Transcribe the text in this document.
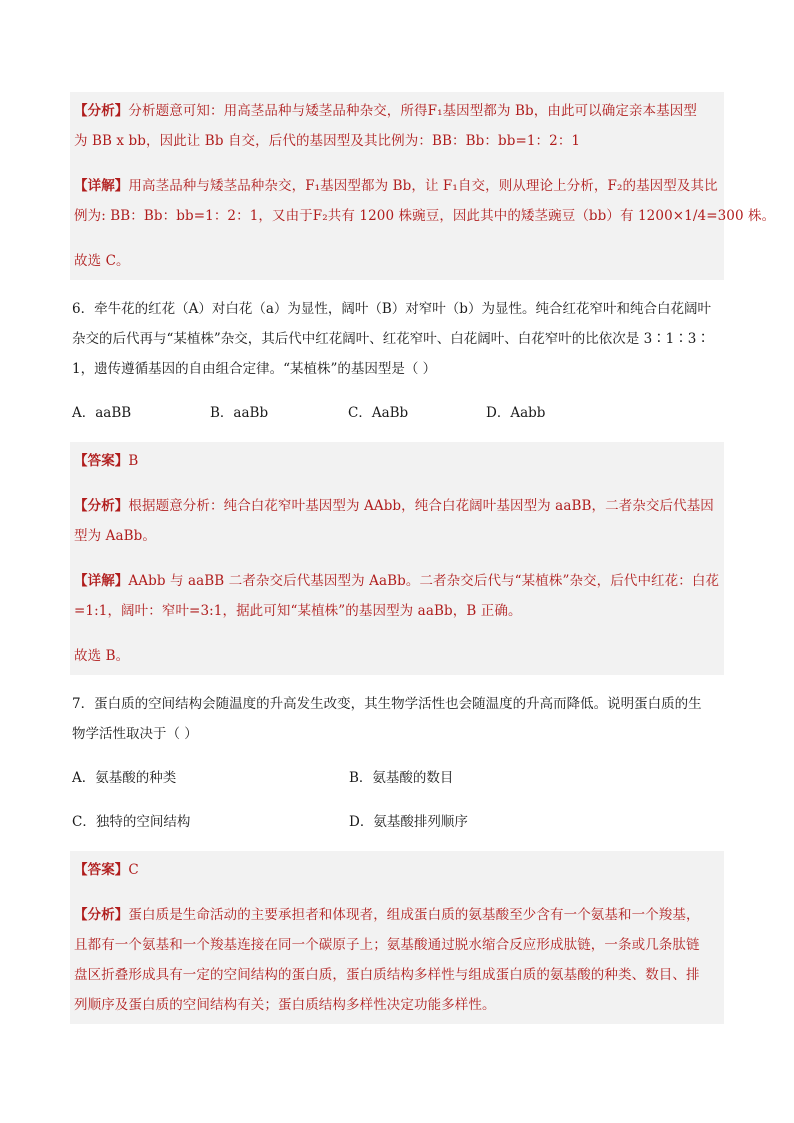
【分析】分析题意可知：用高茎品种与矮茎品种杂交，所得F₁基因型都为 Bb，由此可以确定亲本基因型
为 BB x bb，因此让 Bb 自交，后代的基因型及其比例为：BB：Bb：bb=1：2：1
【详解】用高茎品种与矮茎品种杂交，F₁基因型都为 Bb，让 F₁自交，则从理论上分析，F₂的基因型及其比
例为: BB：Bb：bb=1：2：1，又由于F₂共有 1200 株豌豆，因此其中的矮茎豌豆（bb）有 1200×1/4=300 株。
故选 C。
6．牵牛花的红花（A）对白花（a）为显性，阔叶（B）对窄叶（b）为显性。纯合红花窄叶和纯合白花阔叶
杂交的后代再与“某植株”杂交，其后代中红花阔叶、红花窄叶、白花阔叶、白花窄叶的比依次是 3∶1∶3∶
1，遗传遵循基因的自由组合定律。“某植株”的基因型是（ ）
A．aaBB	B．aaBb	C．AaBb	D．Aabb
【答案】B
【分析】根据题意分析：纯合白花窄叶基因型为 AAbb，纯合白花阔叶基因型为 aaBB，二者杂交后代基因
型为 AaBb。
【详解】AAbb 与 aaBB 二者杂交后代基因型为 AaBb。二者杂交后代与“某植株”杂交，后代中红花：白花
=1:1，阔叶：窄叶=3:1，据此可知“某植株”的基因型为 aaBb，B 正确。
故选 B。
7．蛋白质的空间结构会随温度的升高发生改变，其生物学活性也会随温度的升高而降低。说明蛋白质的生
物学活性取决于（ ）
A．氨基酸的种类	B．氨基酸的数目
C．独特的空间结构	D．氨基酸排列顺序
【答案】C
【分析】蛋白质是生命活动的主要承担者和体现者，组成蛋白质的氨基酸至少含有一个氨基和一个羧基，
且都有一个氨基和一个羧基连接在同一个碳原子上；氨基酸通过脱水缩合反应形成肽链，一条或几条肽链
盘区折叠形成具有一定的空间结构的蛋白质，蛋白质结构多样性与组成蛋白质的氨基酸的种类、数目、排
列顺序及蛋白质的空间结构有关；蛋白质结构多样性决定功能多样性。
